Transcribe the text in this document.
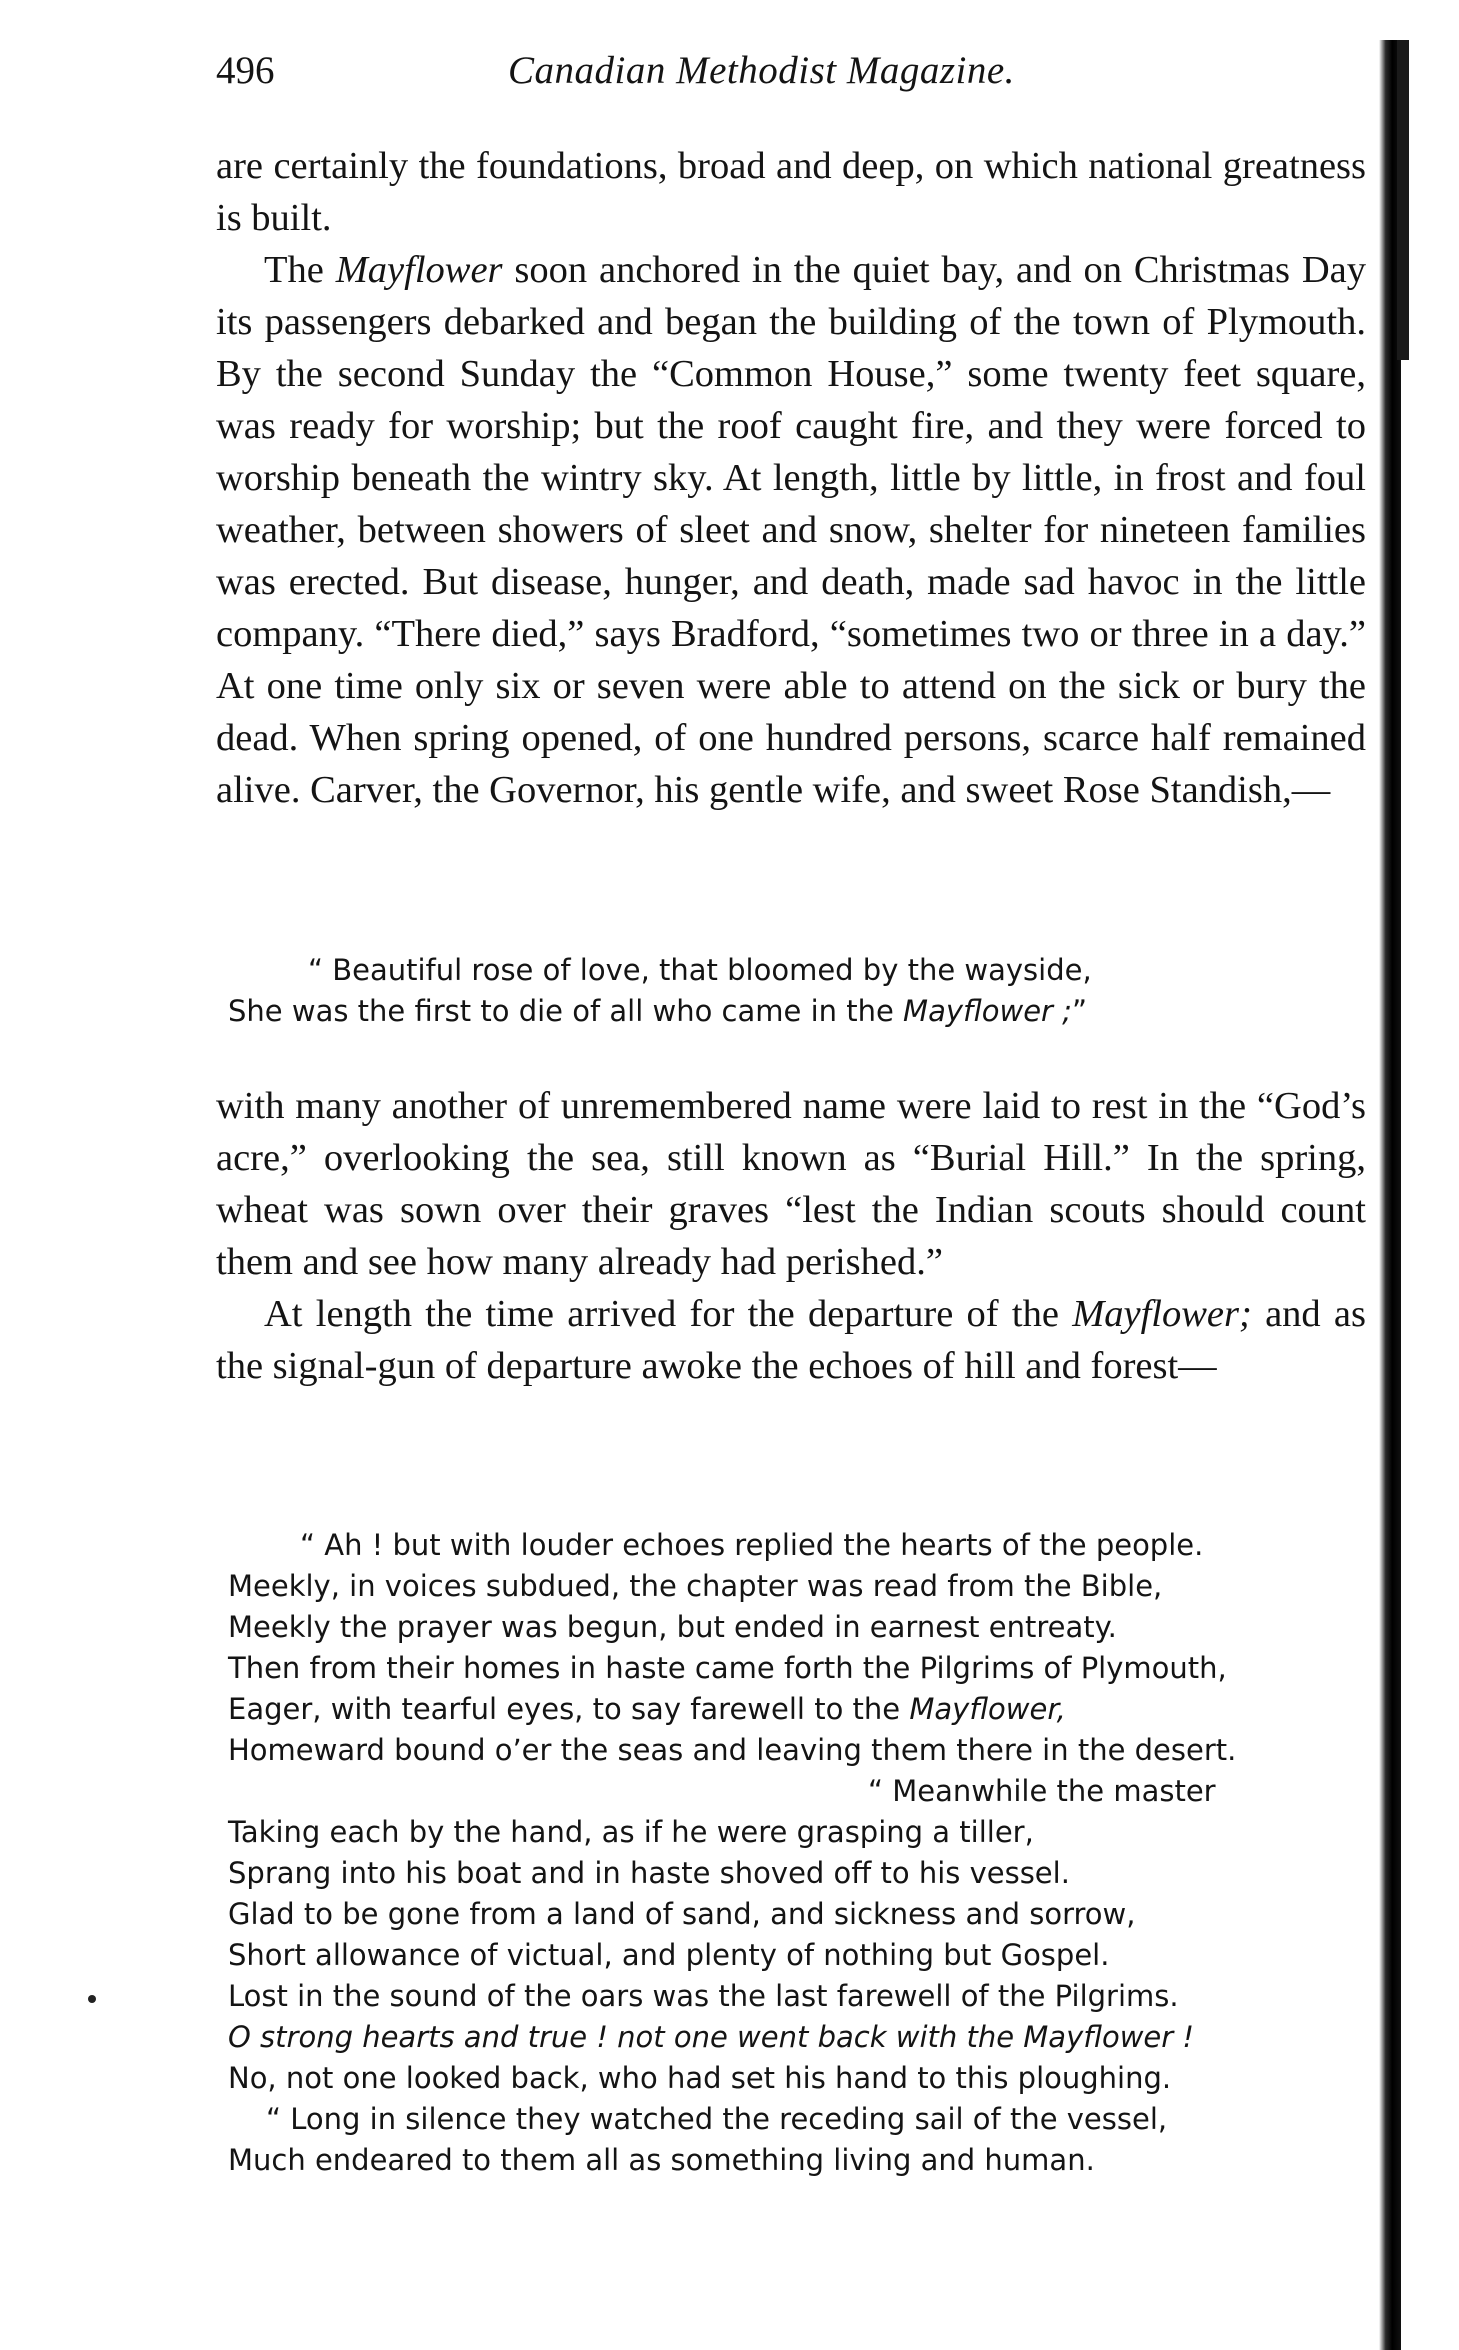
496	Canadian Methodist Magazine.

are certainly the foundations, broad and deep, on which national greatness is built.

The Mayflower soon anchored in the quiet bay, and on Christmas Day its passengers debarked and began the building of the town of Plymouth. By the second Sunday the “Common House,” some twenty feet square, was ready for worship; but the roof caught fire, and they were forced to worship beneath the wintry sky. At length, little by little, in frost and foul weather, between showers of sleet and snow, shelter for nineteen families was erected. But disease, hunger, and death, made sad havoc in the little company. “There died,” says Bradford, “sometimes two or three in a day.” At one time only six or seven were able to attend on the sick or bury the dead. When spring opened, of one hundred persons, scarce half remained alive. Carver, the Governor, his gentle wife, and sweet Rose Standish,—

“ Beautiful rose of love, that bloomed by the wayside,
She was the first to die of all who came in the Mayflower ;”

with many another of unremembered name were laid to rest in the “God’s acre,” overlooking the sea, still known as “Burial Hill.” In the spring, wheat was sown over their graves “lest the Indian scouts should count them and see how many already had perished.”

At length the time arrived for the departure of the Mayflower; and as the signal-gun of departure awoke the echoes of hill and forest—

“ Ah ! but with louder echoes replied the hearts of the people.
Meekly, in voices subdued, the chapter was read from the Bible,
Meekly the prayer was begun, but ended in earnest entreaty.
Then from their homes in haste came forth the Pilgrims of Plymouth,
Eager, with tearful eyes, to say farewell to the Mayflower,
Homeward bound o’er the seas and leaving them there in the desert.
“ Meanwhile the master
Taking each by the hand, as if he were grasping a tiller,
Sprang into his boat and in haste shoved off to his vessel.
Glad to be gone from a land of sand, and sickness and sorrow,
Short allowance of victual, and plenty of nothing but Gospel.
Lost in the sound of the oars was the last farewell of the Pilgrims.
O strong hearts and true ! not one went back with the Mayflower !
No, not one looked back, who had set his hand to this ploughing.
“ Long in silence they watched the receding sail of the vessel,
Much endeared to them all as something living and human.
